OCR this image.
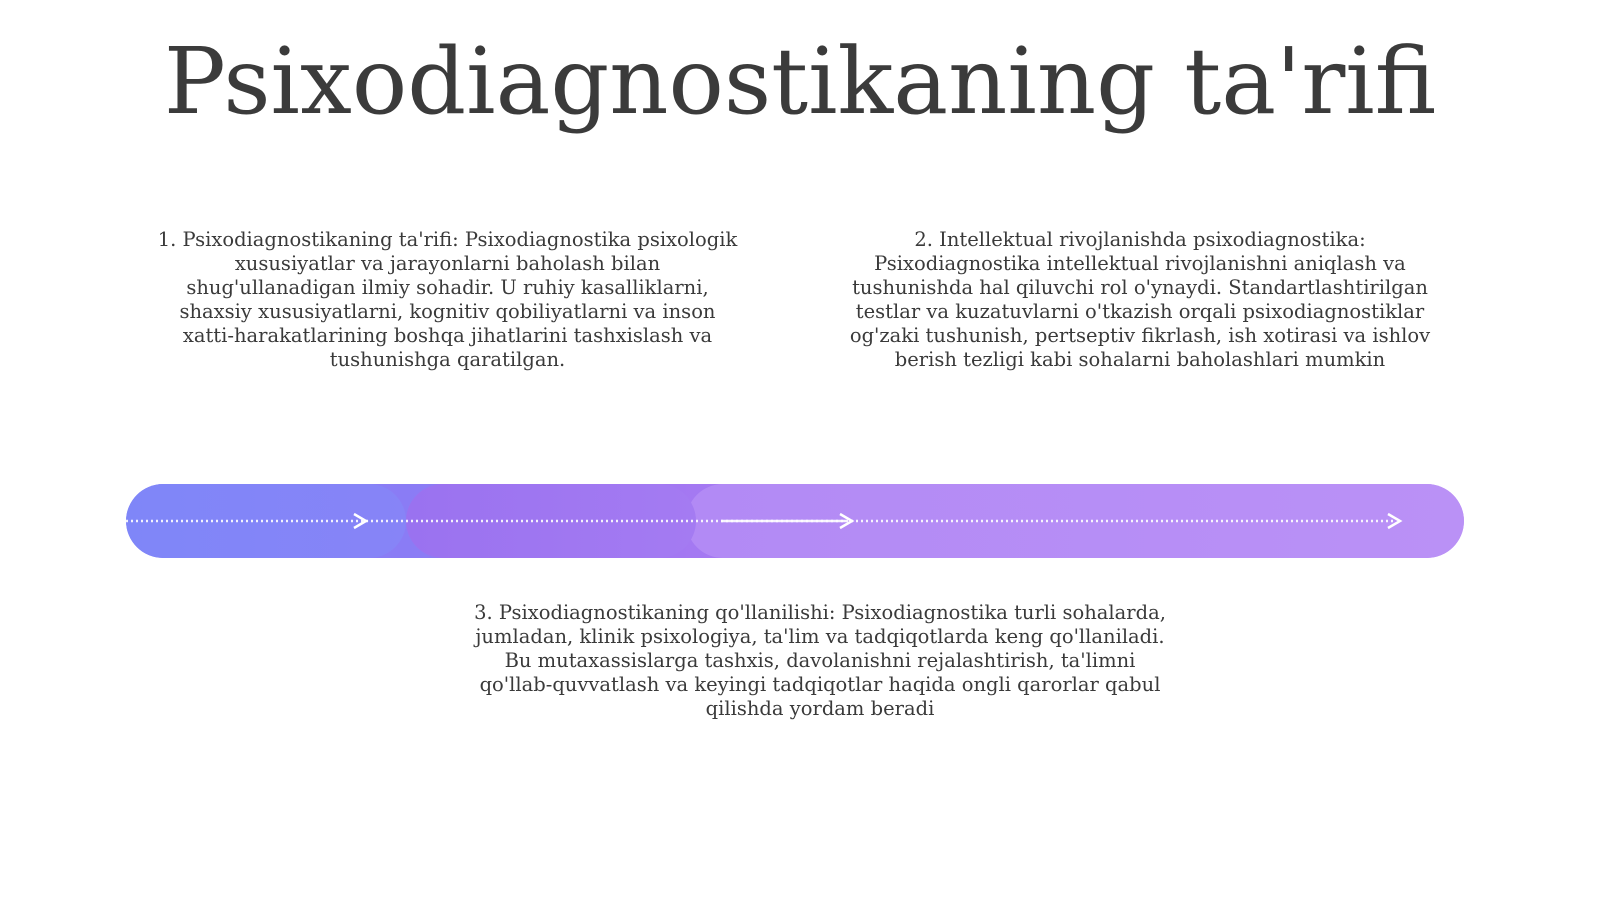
Psixodiagnostikaning ta'rifi

1. Psixodiagnostikaning ta'rifi: Psixodiagnostika psixologik xususiyatlar va jarayonlarni baholash bilan shug'ullanadigan ilmiy sohadir. U ruhiy kasalliklarni, shaxsiy xususiyatlarni, kognitiv qobiliyatlarni va inson xatti-harakatlarining boshqa jihatlarini tashxislash va tushunishga qaratilgan.

2. Intellektual rivojlanishda psixodiagnostika: Psixodiagnostika intellektual rivojlanishni aniqlash va tushunishda hal qiluvchi rol o'ynaydi. Standartlashtirilgan testlar va kuzatuvlarni o'tkazish orqali psixodiagnostiklar og'zaki tushunish, pertseptiv fikrlash, ish xotirasi va ishlov berish tezligi kabi sohalarni baholashlari mumkin

3. Psixodiagnostikaning qo'llanilishi: Psixodiagnostika turli sohalarda, jumladan, klinik psixologiya, ta'lim va tadqiqotlarda keng qo'llaniladi. Bu mutaxassislarga tashxis, davolanishni rejalashtirish, ta'limni qo'llab-quvvatlash va keyingi tadqiqotlar haqida ongli qarorlar qabul qilishda yordam beradi
